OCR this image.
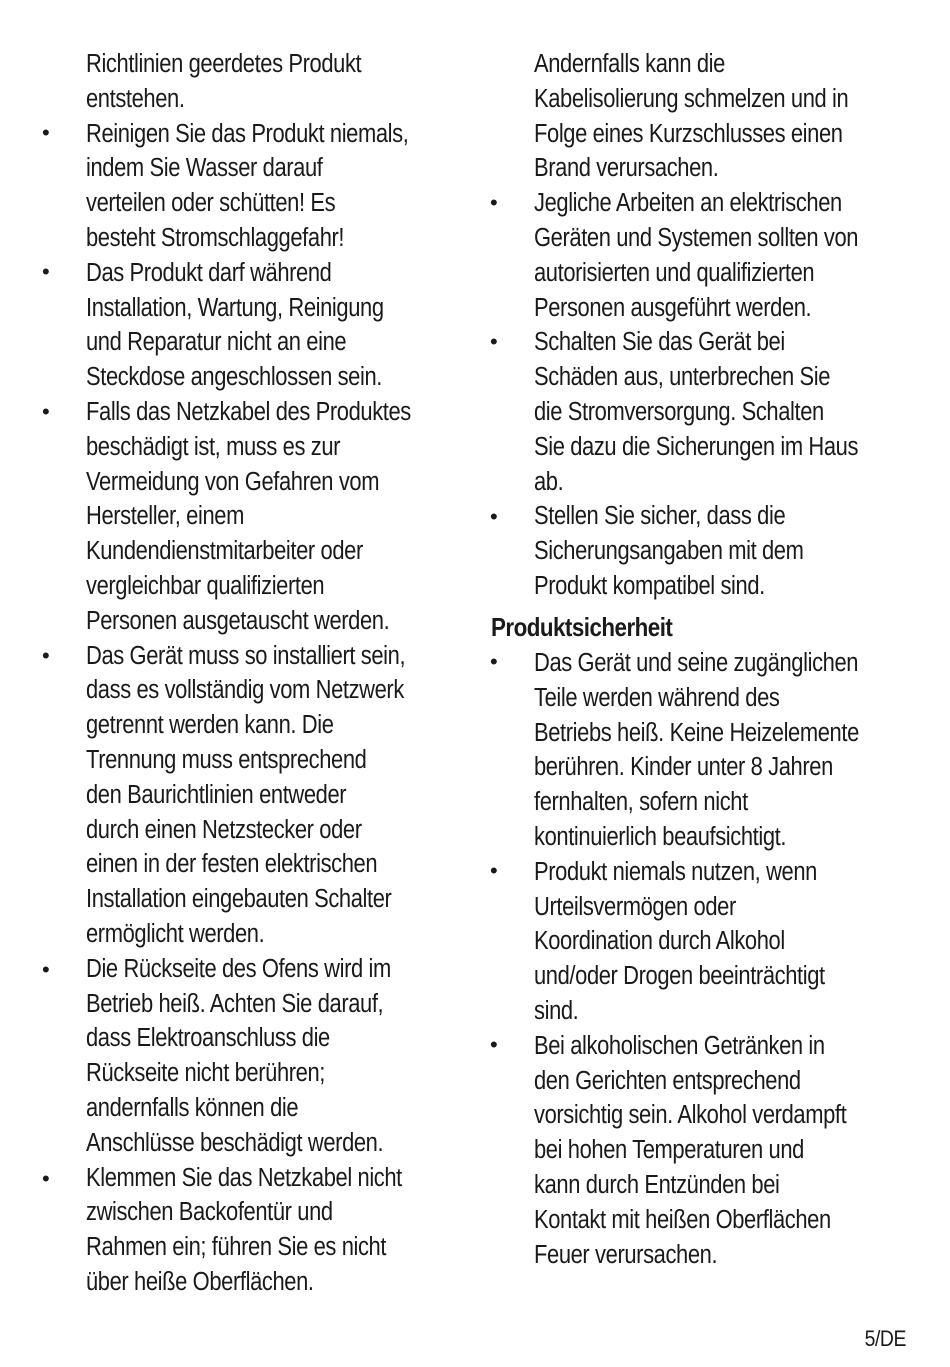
•
•
•
•
•
•
•
•
•
•
•
•
Richtlinien geerdetes Produkt
entstehen.
Reinigen Sie das Produkt niemals,
indem Sie Wasser darauf
verteilen oder schütten! Es
besteht Stromschlaggefahr!
Das Produkt darf während
Installation, Wartung, Reinigung
und Reparatur nicht an eine
Steckdose angeschlossen sein.
Falls das Netzkabel des Produktes
beschädigt ist, muss es zur
Vermeidung von Gefahren vom
Hersteller, einem
Kundendienstmitarbeiter oder
vergleichbar qualifizierten
Personen ausgetauscht werden.
Das Gerät muss so installiert sein,
dass es vollständig vom Netzwerk
getrennt werden kann. Die
Trennung muss entsprechend
den Baurichtlinien entweder
durch einen Netzstecker oder
einen in der festen elektrischen
Installation eingebauten Schalter
ermöglicht werden.
Die Rückseite des Ofens wird im
Betrieb heiß. Achten Sie darauf,
dass Elektroanschluss die
Rückseite nicht berühren;
andernfalls können die
Anschlüsse beschädigt werden.
Klemmen Sie das Netzkabel nicht
zwischen Backofentür und
Rahmen ein; führen Sie es nicht
über heiße Oberflächen.
Andernfalls kann die
Kabelisolierung schmelzen und in
Folge eines Kurzschlusses einen
Brand verursachen.
Jegliche Arbeiten an elektrischen
Geräten und Systemen sollten von
autorisierten und qualifizierten
Personen ausgeführt werden.
Schalten Sie das Gerät bei
Schäden aus, unterbrechen Sie
die Stromversorgung. Schalten
Sie dazu die Sicherungen im Haus
ab.
Stellen Sie sicher, dass die
Sicherungsangaben mit dem
Produkt kompatibel sind.
Produktsicherheit
Das Gerät und seine zugänglichen
Teile werden während des
Betriebs heiß. Keine Heizelemente
berühren. Kinder unter 8 Jahren
fernhalten, sofern nicht
kontinuierlich beaufsichtigt.
Produkt niemals nutzen, wenn
Urteilsvermögen oder
Koordination durch Alkohol
und/oder Drogen beeinträchtigt
sind.
Bei alkoholischen Getränken in
den Gerichten entsprechend
vorsichtig sein. Alkohol verdampft
bei hohen Temperaturen und
kann durch Entzünden bei
Kontakt mit heißen Oberflächen
Feuer verursachen.
5/DE
